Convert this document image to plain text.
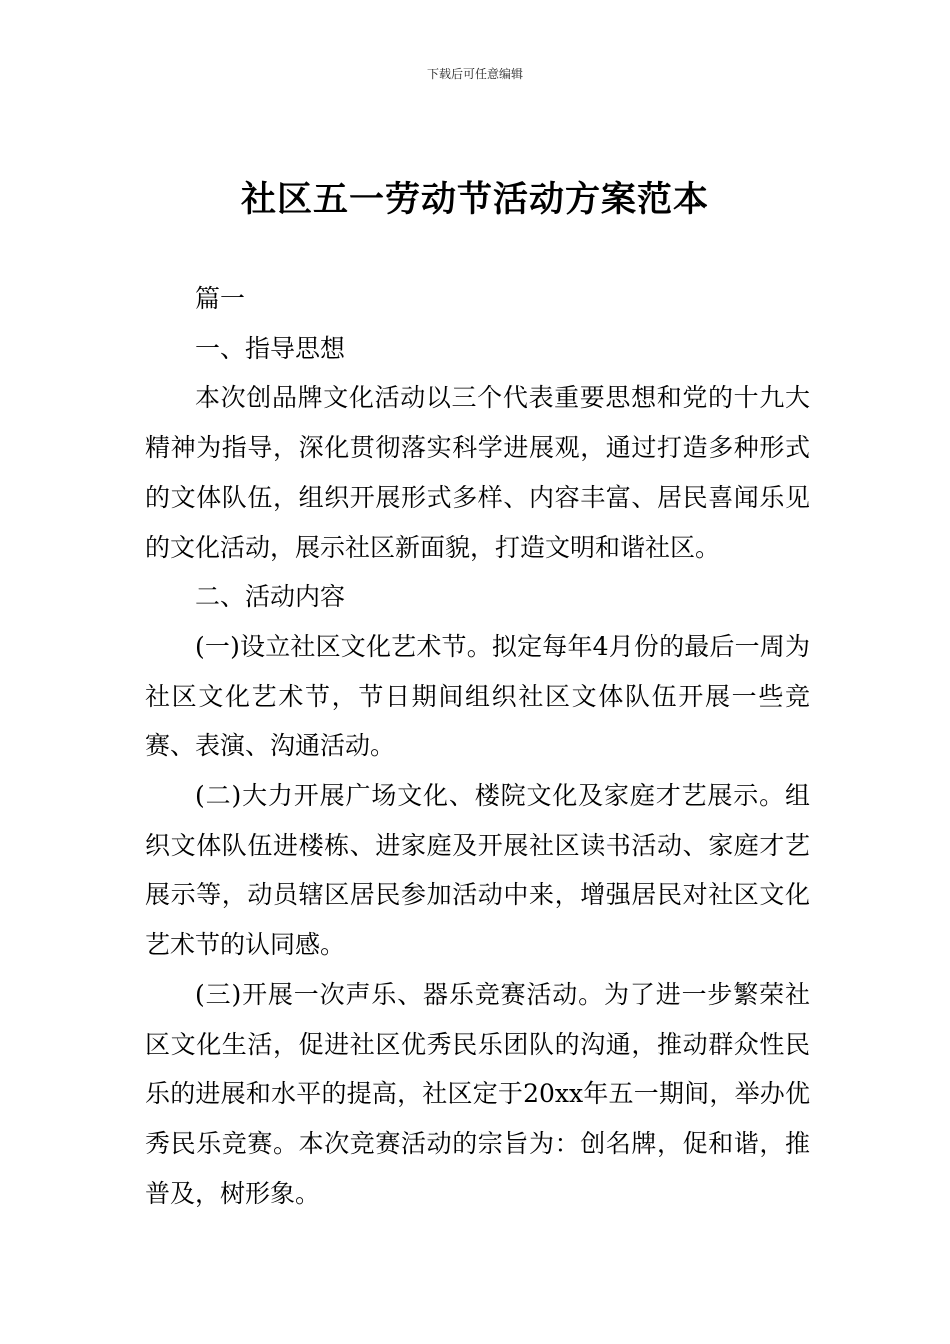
下载后可任意编辑
社区五一劳动节活动方案范本

篇一

一、指导思想

本次创品牌文化活动以三个代表重要思想和党的十九大精神为指导，深化贯彻落实科学进展观，通过打造多种形式的文体队伍，组织开展形式多样、内容丰富、居民喜闻乐见的文化活动，展示社区新面貌，打造文明和谐社区。

二、活动内容

(一)设立社区文化艺术节。拟定每年4月份的最后一周为社区文化艺术节，节日期间组织社区文体队伍开展一些竞赛、表演、沟通活动。

(二)大力开展广场文化、楼院文化及家庭才艺展示。组织文体队伍进楼栋、进家庭及开展社区读书活动、家庭才艺展示等，动员辖区居民参加活动中来，增强居民对社区文化艺术节的认同感。

(三)开展一次声乐、器乐竞赛活动。为了进一步繁荣社区文化生活，促进社区优秀民乐团队的沟通，推动群众性民乐的进展和水平的提高，社区定于20xx年五一期间，举办优秀民乐竞赛。本次竞赛活动的宗旨为：创名牌，促和谐，推普及，树形象。
